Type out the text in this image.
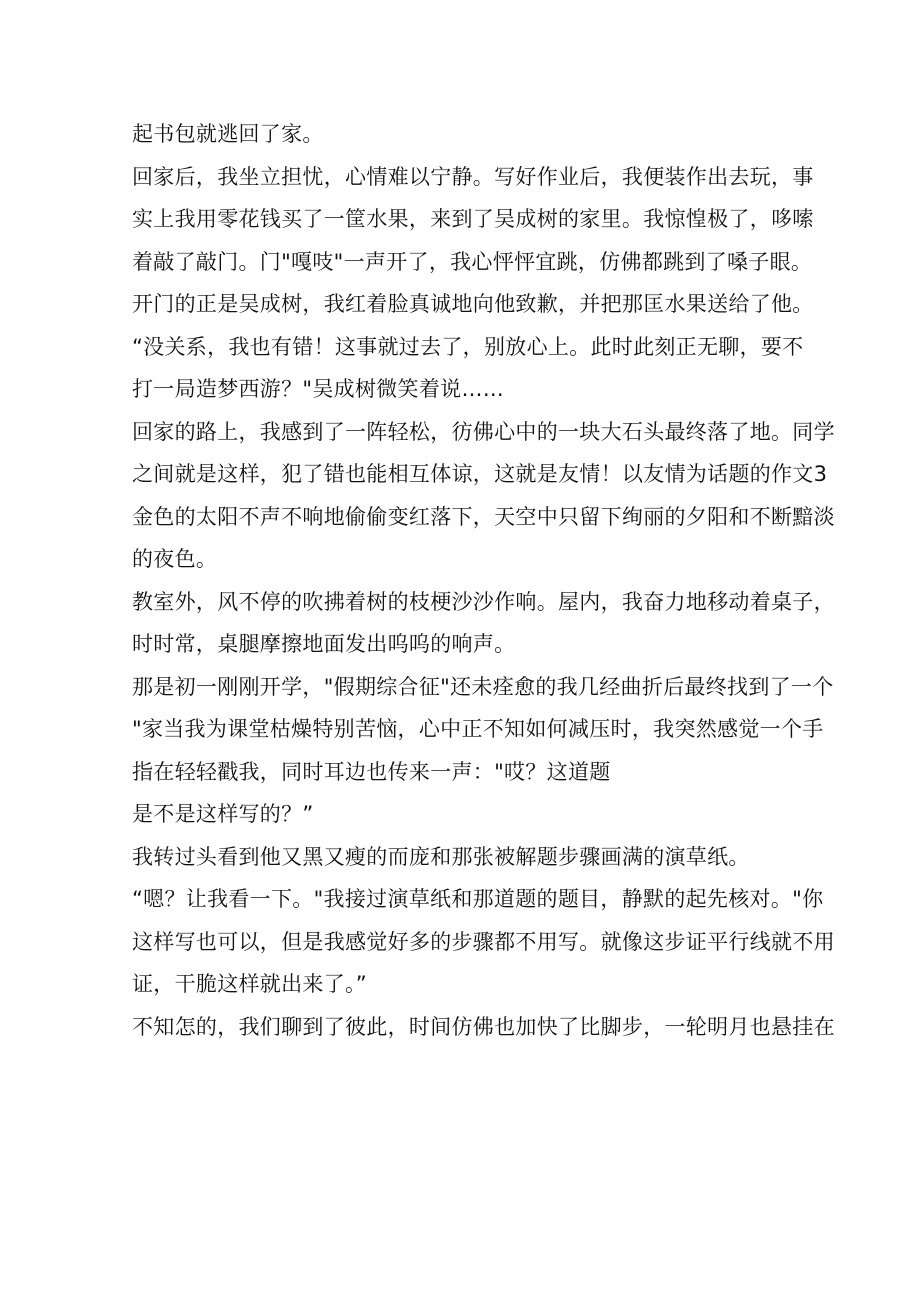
起书包就逃回了家。
回家后，我坐立担忧，心情难以宁静。写好作业后，我便装作出去玩，事
实上我用零花钱买了一筐水果，来到了吴成树的家里。我惊惶极了，哆嗦
着敲了敲门。门"嘎吱"一声开了，我心怦怦宜跳，仿佛都跳到了嗓子眼。
开门的正是吴成树，我红着脸真诚地向他致歉，并把那匡水果送给了他。
“没关系，我也有错！这事就过去了，别放心上。此时此刻正无聊，要不
打一局造梦西游？"吴成树微笑着说……
回家的路上，我感到了一阵轻松，彷佛心中的一块大石头最终落了地。同学
之间就是这样，犯了错也能相互体谅，这就是友情！以友情为话题的作文3
金色的太阳不声不响地偷偷变红落下，天空中只留下绚丽的夕阳和不断黯淡
的夜色。
教室外，风不停的吹拂着树的枝梗沙沙作响。屋内，我奋力地移动着桌子，
时时常，桌腿摩擦地面发出呜呜的响声。
那是初一刚刚开学，"假期综合征"还未痊愈的我几经曲折后最终找到了一个
"家当我为课堂枯燥特别苦恼，心中正不知如何减压时，我突然感觉一个手
指在轻轻戳我，同时耳边也传来一声："哎？这道题
是不是这样写的？”
我转过头看到他又黑又瘦的而庞和那张被解题步骤画满的演草纸。
“嗯？让我看一下。"我接过演草纸和那道题的题目，静默的起先核对。"你
这样写也可以，但是我感觉好多的步骤都不用写。就像这步证平行线就不用
证，干脆这样就出来了。”
不知怎的，我们聊到了彼此，时间仿佛也加快了比脚步，一轮明月也悬挂在
